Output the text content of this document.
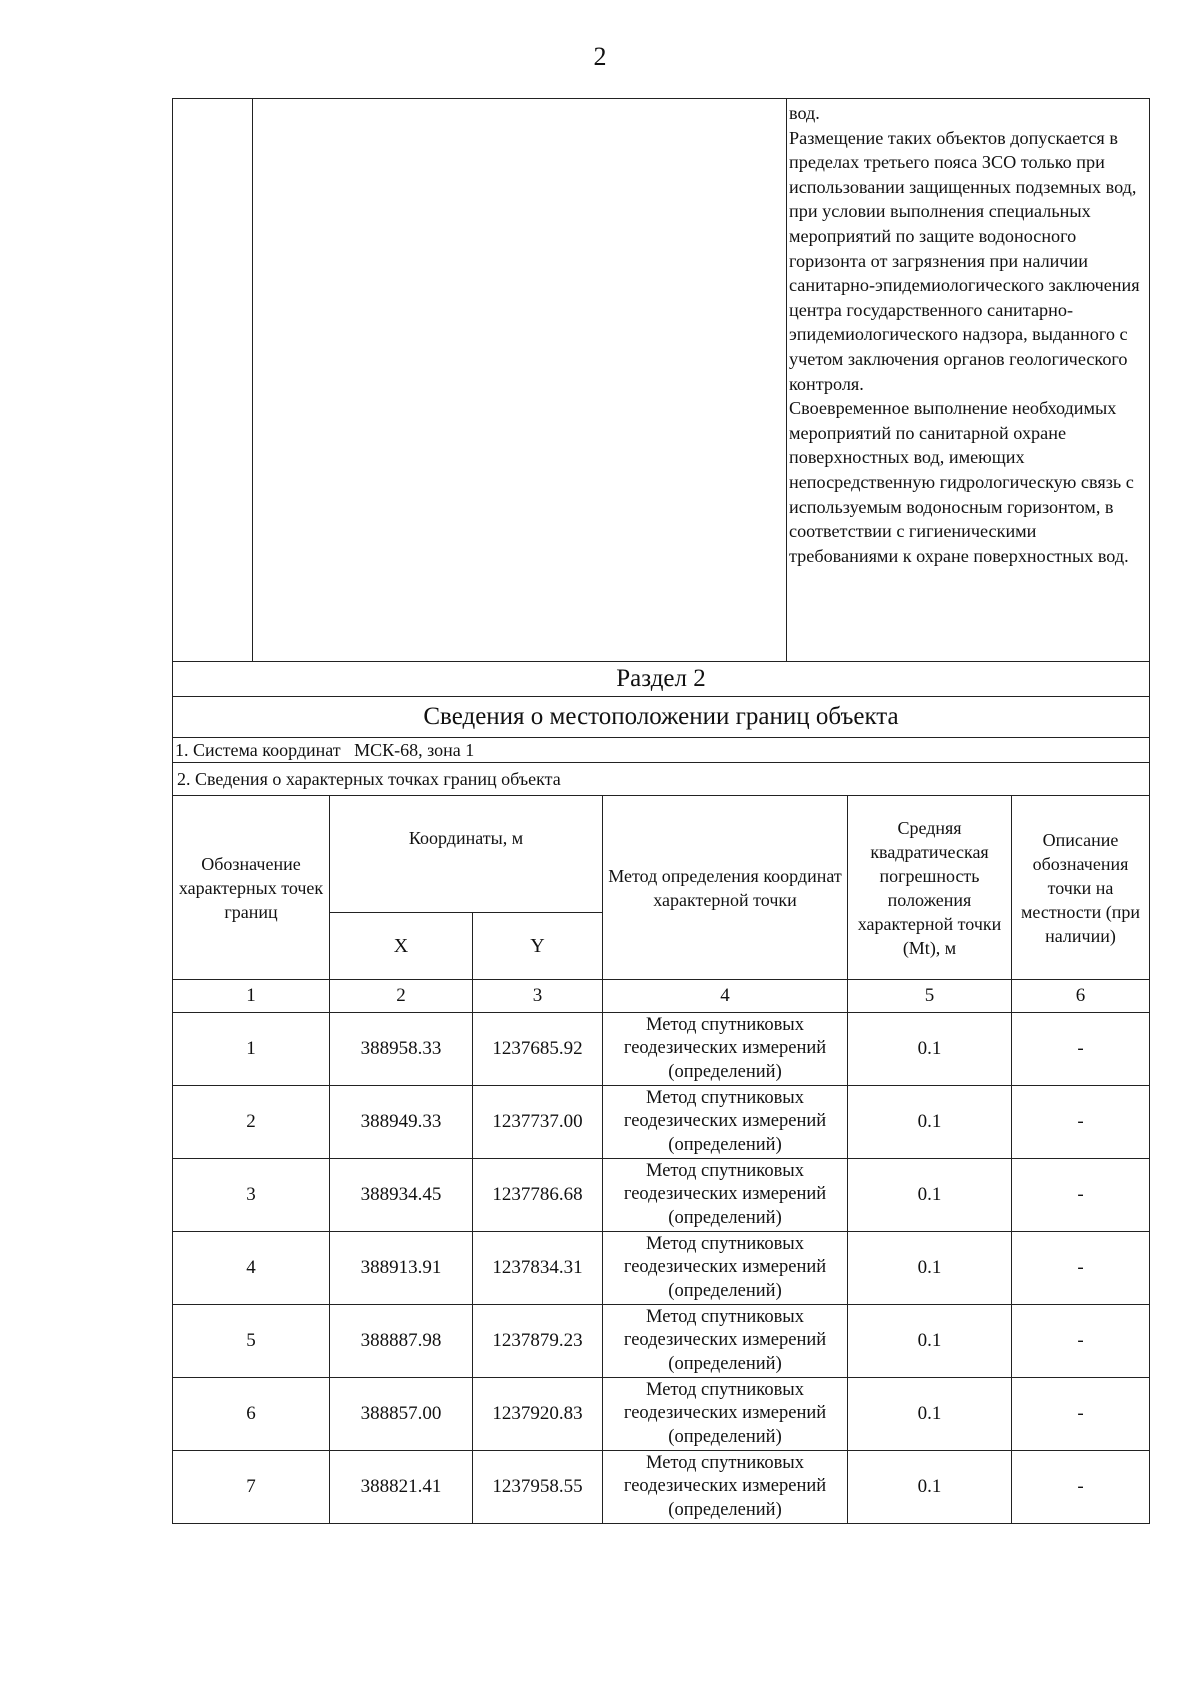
2

вод.

Размещение таких объектов допускается в пределах третьего пояса ЗСО только при использовании защищенных подземных вод, при условии выполнения специальных мероприятий по защите водоносного горизонта от загрязнения при наличии санитарно-эпидемиологического заключения центра государственного санитарно-эпидемиологического надзора, выданного с учетом заключения органов геологического контроля.

Своевременное выполнение необходимых мероприятий по санитарной охране поверхностных вод, имеющих непосредственную гидрологическую связь с используемым водоносным горизонтом, в соответствии с гигиеническими требованиями к охране поверхностных вод.

Раздел 2
Сведения о местоположении границ объекта
1. Система координат МСК-68, зона 1
2. Сведения о характерных точках границ объекта
Обозначение характерных точек границ	Координаты, м		Метод определения координат характерной точки	Средняя квадратическая погрешность положения характерной точки (Mt), м	Описание обозначения точки на местности (при наличии)
	X	Y			
1	2	3	4	5	6
1	388958.33	1237685.92	Метод спутниковых геодезических измерений (определений)	0.1	-
2	388949.33	1237737.00	Метод спутниковых геодезических измерений (определений)	0.1	-
3	388934.45	1237786.68	Метод спутниковых геодезических измерений (определений)	0.1	-
4	388913.91	1237834.31	Метод спутниковых геодезических измерений (определений)	0.1	-
5	388887.98	1237879.23	Метод спутниковых геодезических измерений (определений)	0.1	-
6	388857.00	1237920.83	Метод спутниковых геодезических измерений (определений)	0.1	-
7	388821.41	1237958.55	Метод спутниковых геодезических измерений (определений)	0.1	-
